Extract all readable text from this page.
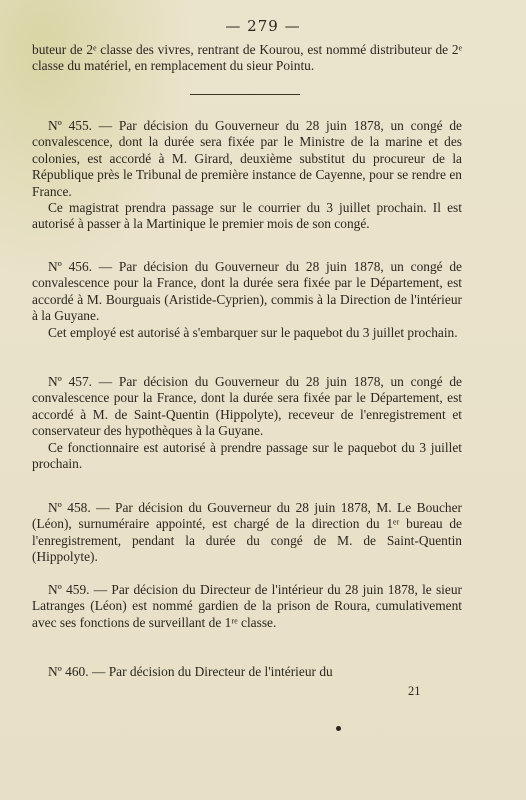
— 279 —

buteur de 2ᵉ classe des vivres, rentrant de Kourou, est nommé distributeur de 2ᵉ classe du matériel, en remplacement du sieur Pointu.

Nº 455. — Par décision du Gouverneur du 28 juin 1878, un congé de convalescence, dont la durée sera fixée par le Ministre de la marine et des colonies, est accordé à M. Girard, deuxième substitut du procureur de la République près le Tribunal de première instance de Cayenne, pour se rendre en France.

Ce magistrat prendra passage sur le courrier du 3 juillet prochain. Il est autorisé à passer à la Martinique le premier mois de son congé.

Nº 456. — Par décision du Gouverneur du 28 juin 1878, un congé de convalescence pour la France, dont la durée sera fixée par le Département, est accordé à M. Bourguais (Aristide-Cyprien), commis à la Direction de l'intérieur à la Guyane.

Cet employé est autorisé à s'embarquer sur le paquebot du 3 juillet prochain.

Nº 457. — Par décision du Gouverneur du 28 juin 1878, un congé de convalescence pour la France, dont la durée sera fixée par le Département, est accordé à M. de Saint-Quentin (Hippolyte), receveur de l'enregistrement et conservateur des hypothèques à la Guyane.

Ce fonctionnaire est autorisé à prendre passage sur le paquebot du 3 juillet prochain.

Nº 458. — Par décision du Gouverneur du 28 juin 1878, M. Le Boucher (Léon), surnuméraire appointé, est chargé de la direction du 1ᵉʳ bureau de l'enregistrement, pendant la durée du congé de M. de Saint-Quentin (Hippolyte).

Nº 459. — Par décision du Directeur de l'intérieur du 28 juin 1878, le sieur Latranges (Léon) est nommé gardien de la prison de Roura, cumulativement avec ses fonctions de surveillant de 1ʳᵉ classe.

Nº 460. — Par décision du Directeur de l'intérieur du

21
